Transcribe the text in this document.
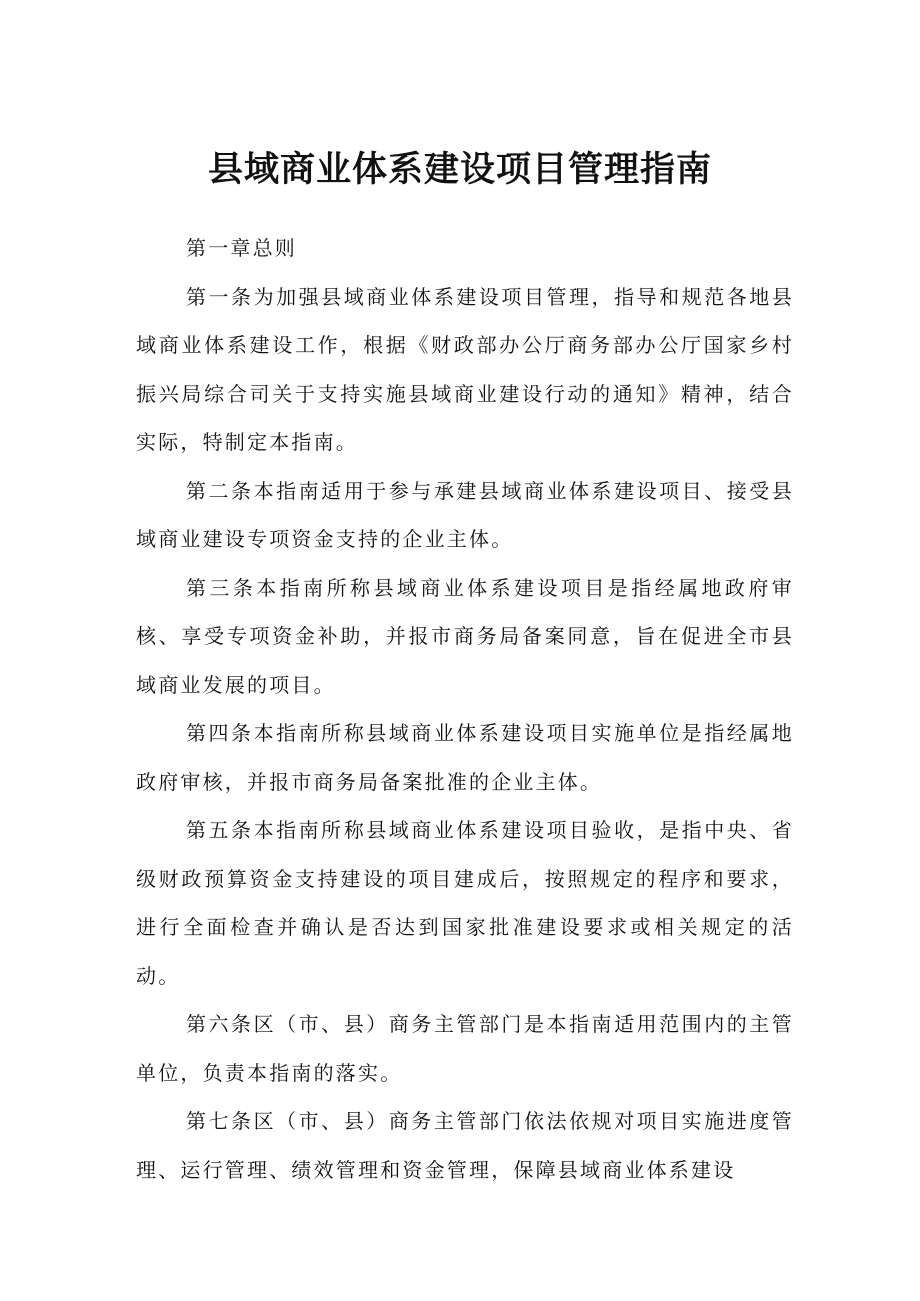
县域商业体系建设项目管理指南

第一章总则

第一条为加强县域商业体系建设项目管理，指导和规范各地县域商业体系建设工作，根据《财政部办公厅商务部办公厅国家乡村振兴局综合司关于支持实施县域商业建设行动的通知》精神，结合实际，特制定本指南。

第二条本指南适用于参与承建县域商业体系建设项目、接受县域商业建设专项资金支持的企业主体。

第三条本指南所称县域商业体系建设项目是指经属地政府审核、享受专项资金补助，并报市商务局备案同意，旨在促进全市县域商业发展的项目。

第四条本指南所称县域商业体系建设项目实施单位是指经属地政府审核，并报市商务局备案批准的企业主体。

第五条本指南所称县域商业体系建设项目验收，是指中央、省级财政预算资金支持建设的项目建成后，按照规定的程序和要求，进行全面检查并确认是否达到国家批准建设要求或相关规定的活动。

第六条区（市、县）商务主管部门是本指南适用范围内的主管单位，负责本指南的落实。

第七条区（市、县）商务主管部门依法依规对项目实施进度管理、运行管理、绩效管理和资金管理，保障县域商业体系建设
